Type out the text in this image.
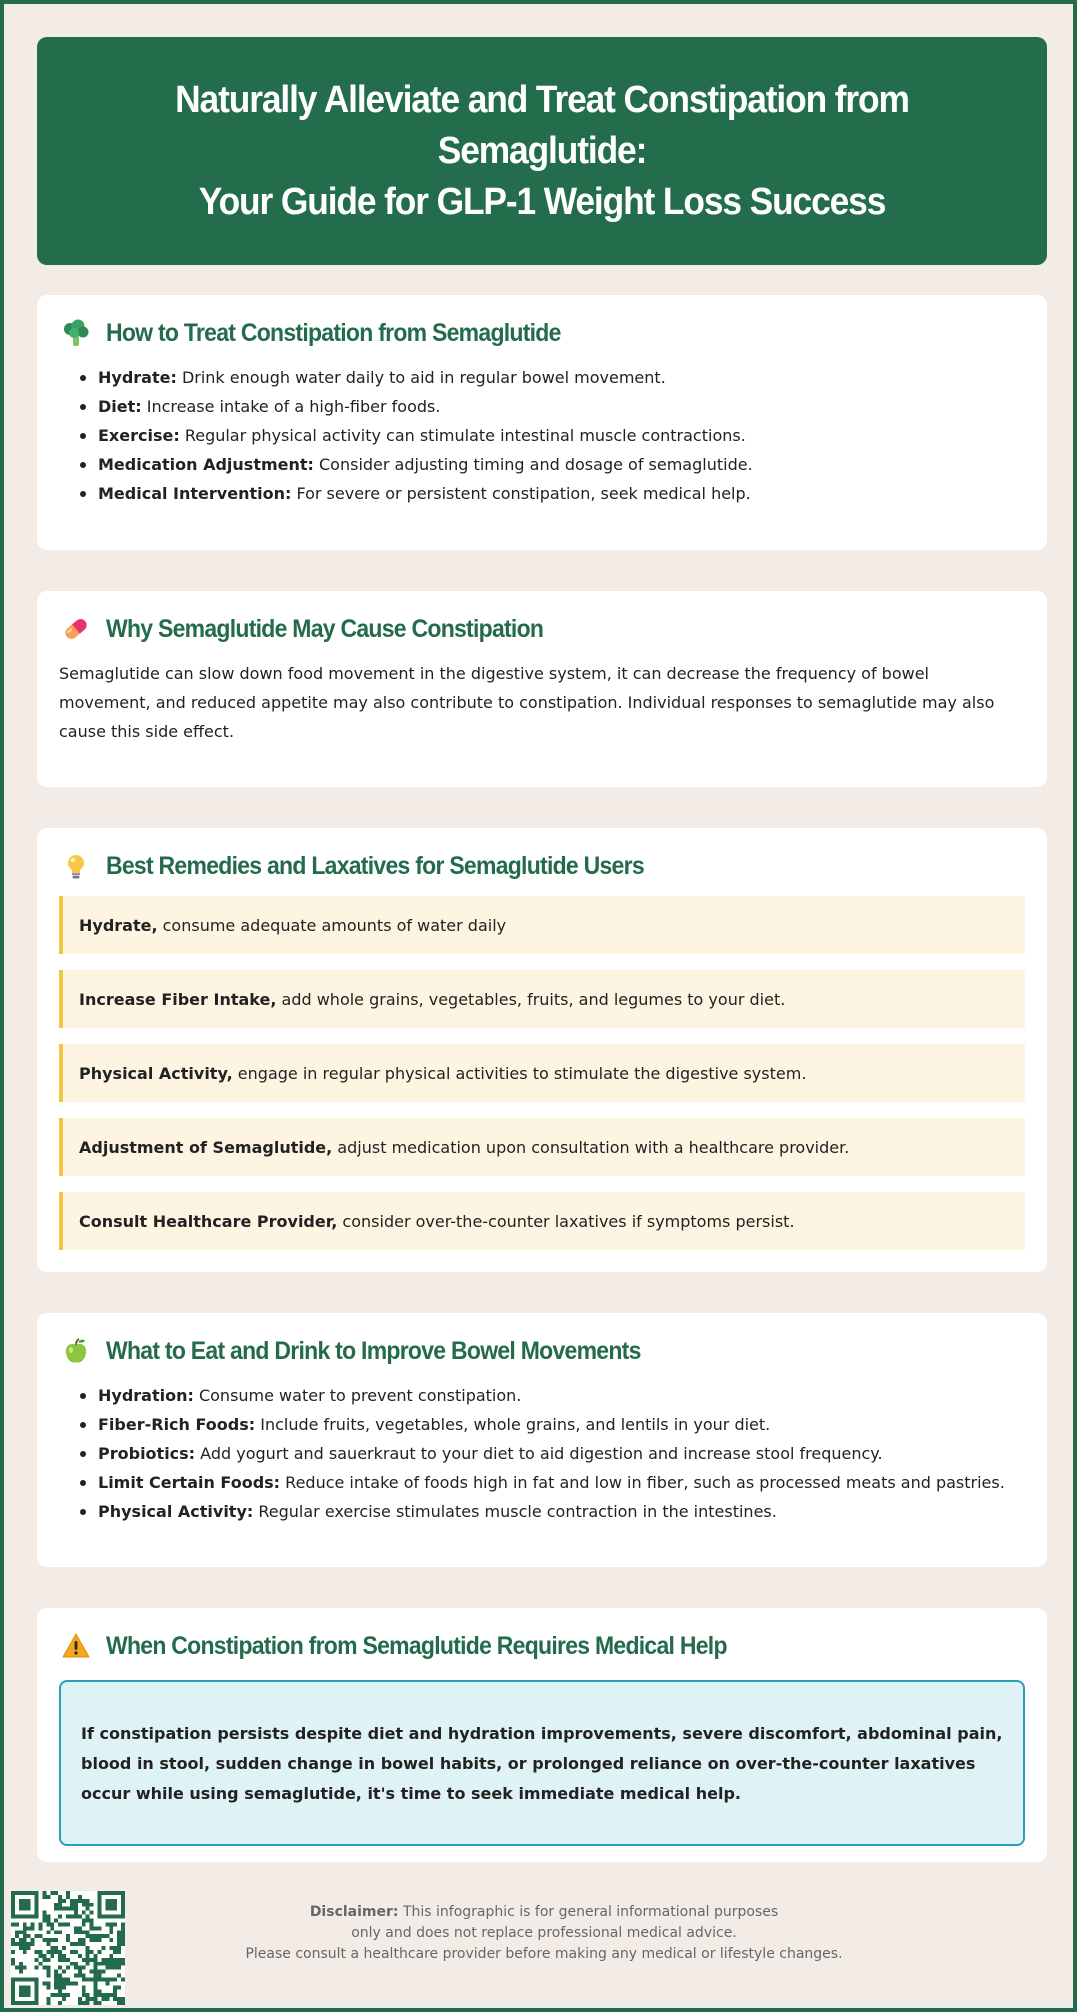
Naturally Alleviate and Treat Constipation from Semaglutide:
Your Guide for GLP-1 Weight Loss Success
How to Treat Constipation from Semaglutide
Hydrate: Drink enough water daily to aid in regular bowel movement.
Diet: Increase intake of a high-fiber foods.
Exercise: Regular physical activity can stimulate intestinal muscle contractions.
Medication Adjustment: Consider adjusting timing and dosage of semaglutide.
Medical Intervention: For severe or persistent constipation, seek medical help.
Why Semaglutide May Cause Constipation

Semaglutide can slow down food movement in the digestive system, it can decrease the frequency of bowel movement, and reduced appetite may also contribute to constipation. Individual responses to semaglutide may also cause this side effect.

Best Remedies and Laxatives for Semaglutide Users
Hydrate, consume adequate amounts of water daily
Increase Fiber Intake, add whole grains, vegetables, fruits, and legumes to your diet.
Physical Activity, engage in regular physical activities to stimulate the digestive system.
Adjustment of Semaglutide, adjust medication upon consultation with a healthcare provider.
Consult Healthcare Provider, consider over-the-counter laxatives if symptoms persist.
What to Eat and Drink to Improve Bowel Movements
Hydration: Consume water to prevent constipation.
Fiber-Rich Foods: Include fruits, vegetables, whole grains, and lentils in your diet.
Probiotics: Add yogurt and sauerkraut to your diet to aid digestion and increase stool frequency.
Limit Certain Foods: Reduce intake of foods high in fat and low in fiber, such as processed meats and pastries.
Physical Activity: Regular exercise stimulates muscle contraction in the intestines.
When Constipation from Semaglutide Requires Medical Help

If constipation persists despite diet and hydration improvements, severe discomfort, abdominal pain, blood in stool, sudden change in bowel habits, or prolonged reliance on over-the-counter laxatives occur while using semaglutide, it's time to seek immediate medical help.

Disclaimer: This infographic is for general informational purposes
only and does not replace professional medical advice.
Please consult a healthcare provider before making any medical or lifestyle changes.
